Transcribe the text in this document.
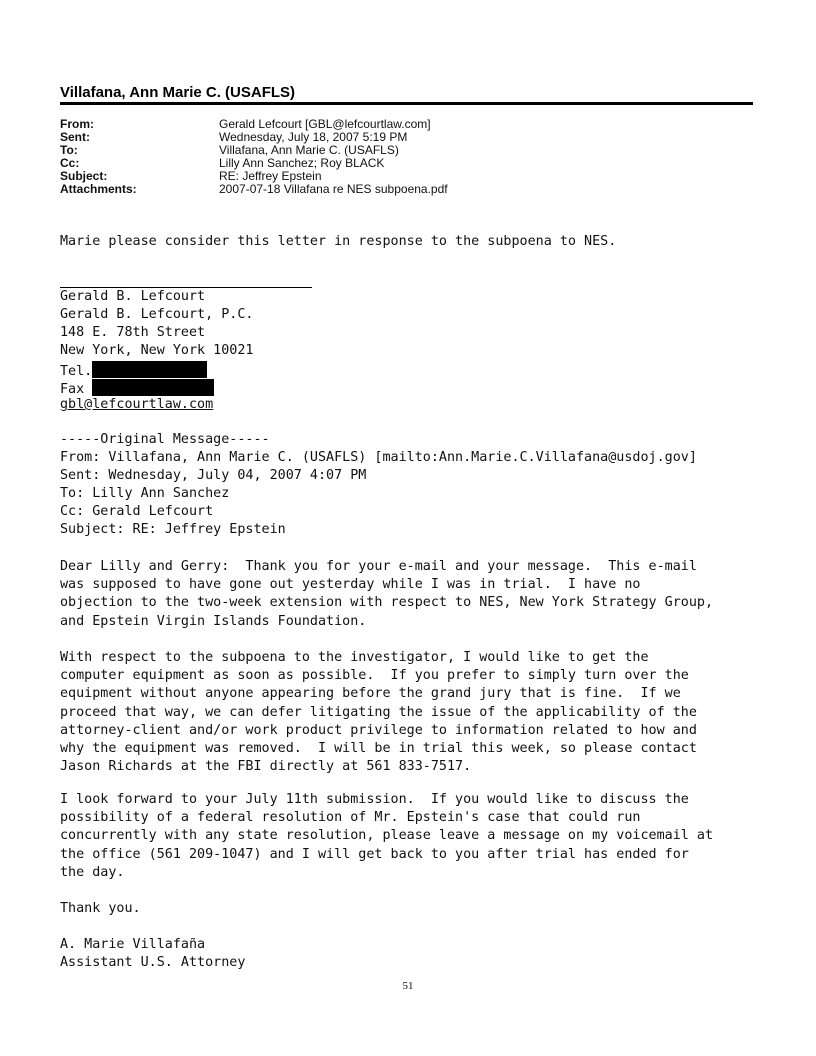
Villafana, Ann Marie C. (USAFLS)
From:	Gerald Lefcourt [GBL@lefcourtlaw.com]
Sent:	Wednesday, July 18, 2007 5:19 PM
To:	Villafana, Ann Marie C. (USAFLS)
Cc:	Lilly Ann Sanchez; Roy BLACK
Subject:	RE: Jeffrey Epstein
Attachments:	2007-07-18 Villafana re NES subpoena.pdf
Marie please consider this letter in response to the subpoena to NES.
Gerald B. Lefcourt
Gerald B. Lefcourt, P.C.
148 E. 78th Street
New York, New York 10021
Tel.
Fax
gbl@lefcourtlaw.com
-----Original Message-----
From: Villafana, Ann Marie C. (USAFLS) [mailto:Ann.Marie.C.Villafana@usdoj.gov]
Sent: Wednesday, July 04, 2007 4:07 PM
To: Lilly Ann Sanchez
Cc: Gerald Lefcourt
Subject: RE: Jeffrey Epstein
Dear Lilly and Gerry:  Thank you for your e-mail and your message.  This e-mail
was supposed to have gone out yesterday while I was in trial.  I have no
objection to the two-week extension with respect to NES, New York Strategy Group,
and Epstein Virgin Islands Foundation.
With respect to the subpoena to the investigator, I would like to get the
computer equipment as soon as possible.  If you prefer to simply turn over the
equipment without anyone appearing before the grand jury that is fine.  If we
proceed that way, we can defer litigating the issue of the applicability of the
attorney-client and/or work product privilege to information related to how and
why the equipment was removed.  I will be in trial this week, so please contact
Jason Richards at the FBI directly at 561 833-7517.
I look forward to your July 11th submission.  If you would like to discuss the
possibility of a federal resolution of Mr. Epstein's case that could run
concurrently with any state resolution, please leave a message on my voicemail at
the office (561 209-1047) and I will get back to you after trial has ended for
the day.
Thank you.
A. Marie Villafaña
Assistant U.S. Attorney
51
